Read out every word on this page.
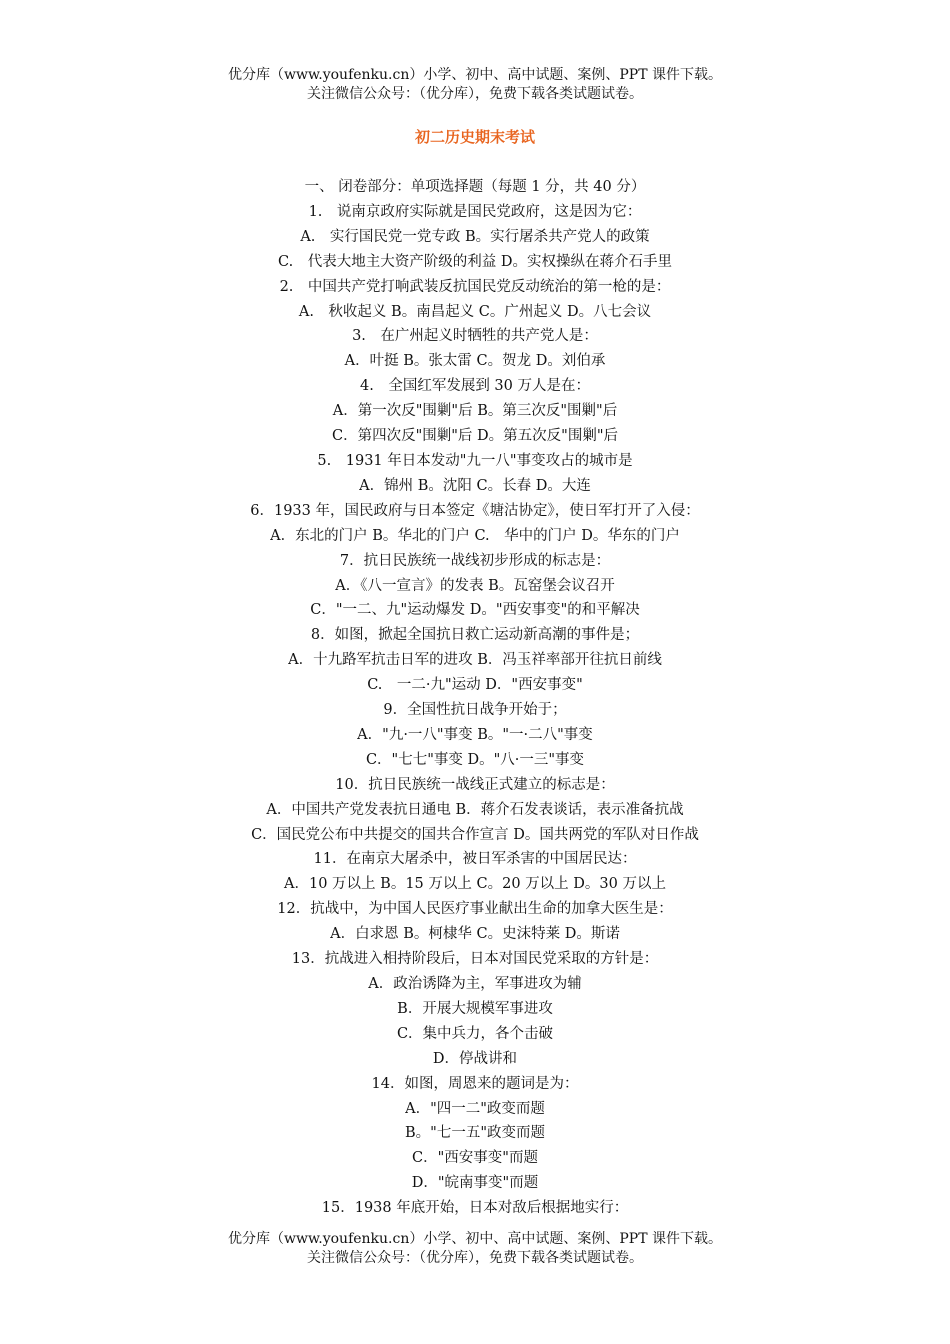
优分库（www.youfenku.cn）小学、初中、高中试题、案例、PPT 课件下载。
关注微信公众号：（优分库），免费下载各类试题试卷。
初二历史期末考试
一、 闭卷部分：单项选择题（每题 1 分，共 40 分）
1.　说南京政府实际就是国民党政府，这是因为它：
A.　实行国民党一党专政 B。实行屠杀共产党人的政策
C.　代表大地主大资产阶级的利益 D。实权操纵在蒋介石手里
2.　中国共产党打响武装反抗国民党反动统治的第一枪的是：
A.　秋收起义 B。南昌起义 C。广州起义 D。八七会议
3.　在广州起义时牺牲的共产党人是：
A．叶挺 B。张太雷 C。贺龙 D。刘伯承
4.　全国红军发展到 30 万人是在：
A．第一次反"围剿"后 B。第三次反"围剿"后
C．第四次反"围剿"后 D。第五次反"围剿"后
5.　1931 年日本发动"九一八"事变攻占的城市是
A．锦州 B。沈阳 C。长春 D。大连
6．1933 年，国民政府与日本签定《塘沽协定》，使日军打开了入侵：
A．东北的门户 B。华北的门户 C.　华中的门户 D。华东的门户
7．抗日民族统一战线初步形成的标志是：
A．《八一宣言》的发表 B。瓦窑堡会议召开
C．"一二、九"运动爆发 D。"西安事变"的和平解决
8．如图，掀起全国抗日救亡运动新高潮的事件是；
A．十九路军抗击日军的进攻 B．冯玉祥率部开往抗日前线
C.　一二·九"运动 D．"西安事变"
9．全国性抗日战争开始于；
A．"九·一八"事变 B。"一·二八"事变
C．"七七"事变 D。"八·一三"事变
10．抗日民族统一战线正式建立的标志是：
A．中国共产党发表抗日通电 B．蒋介石发表谈话，表示准备抗战
C．国民党公布中共提交的国共合作宣言 D。国共两党的军队对日作战
11．在南京大屠杀中，被日军杀害的中国居民达：
A．10 万以上 B。15 万以上 C。20 万以上 D。30 万以上
12．抗战中，为中国人民医疗事业献出生命的加拿大医生是：
A．白求恩 B。柯棣华 C。史沫特莱 D。斯诺
13．抗战进入相持阶段后，日本对国民党采取的方针是：
A．政治诱降为主，军事进攻为辅
B．开展大规模军事进攻
C．集中兵力，各个击破
D．停战讲和
14．如图，周恩来的题词是为：
A．"四一二"政变而题
B。"七一五"政变而题
C．"西安事变"而题
D．"皖南事变"而题
15．1938 年底开始，日本对敌后根据地实行：
优分库（www.youfenku.cn）小学、初中、高中试题、案例、PPT 课件下载。
关注微信公众号：（优分库），免费下载各类试题试卷。
